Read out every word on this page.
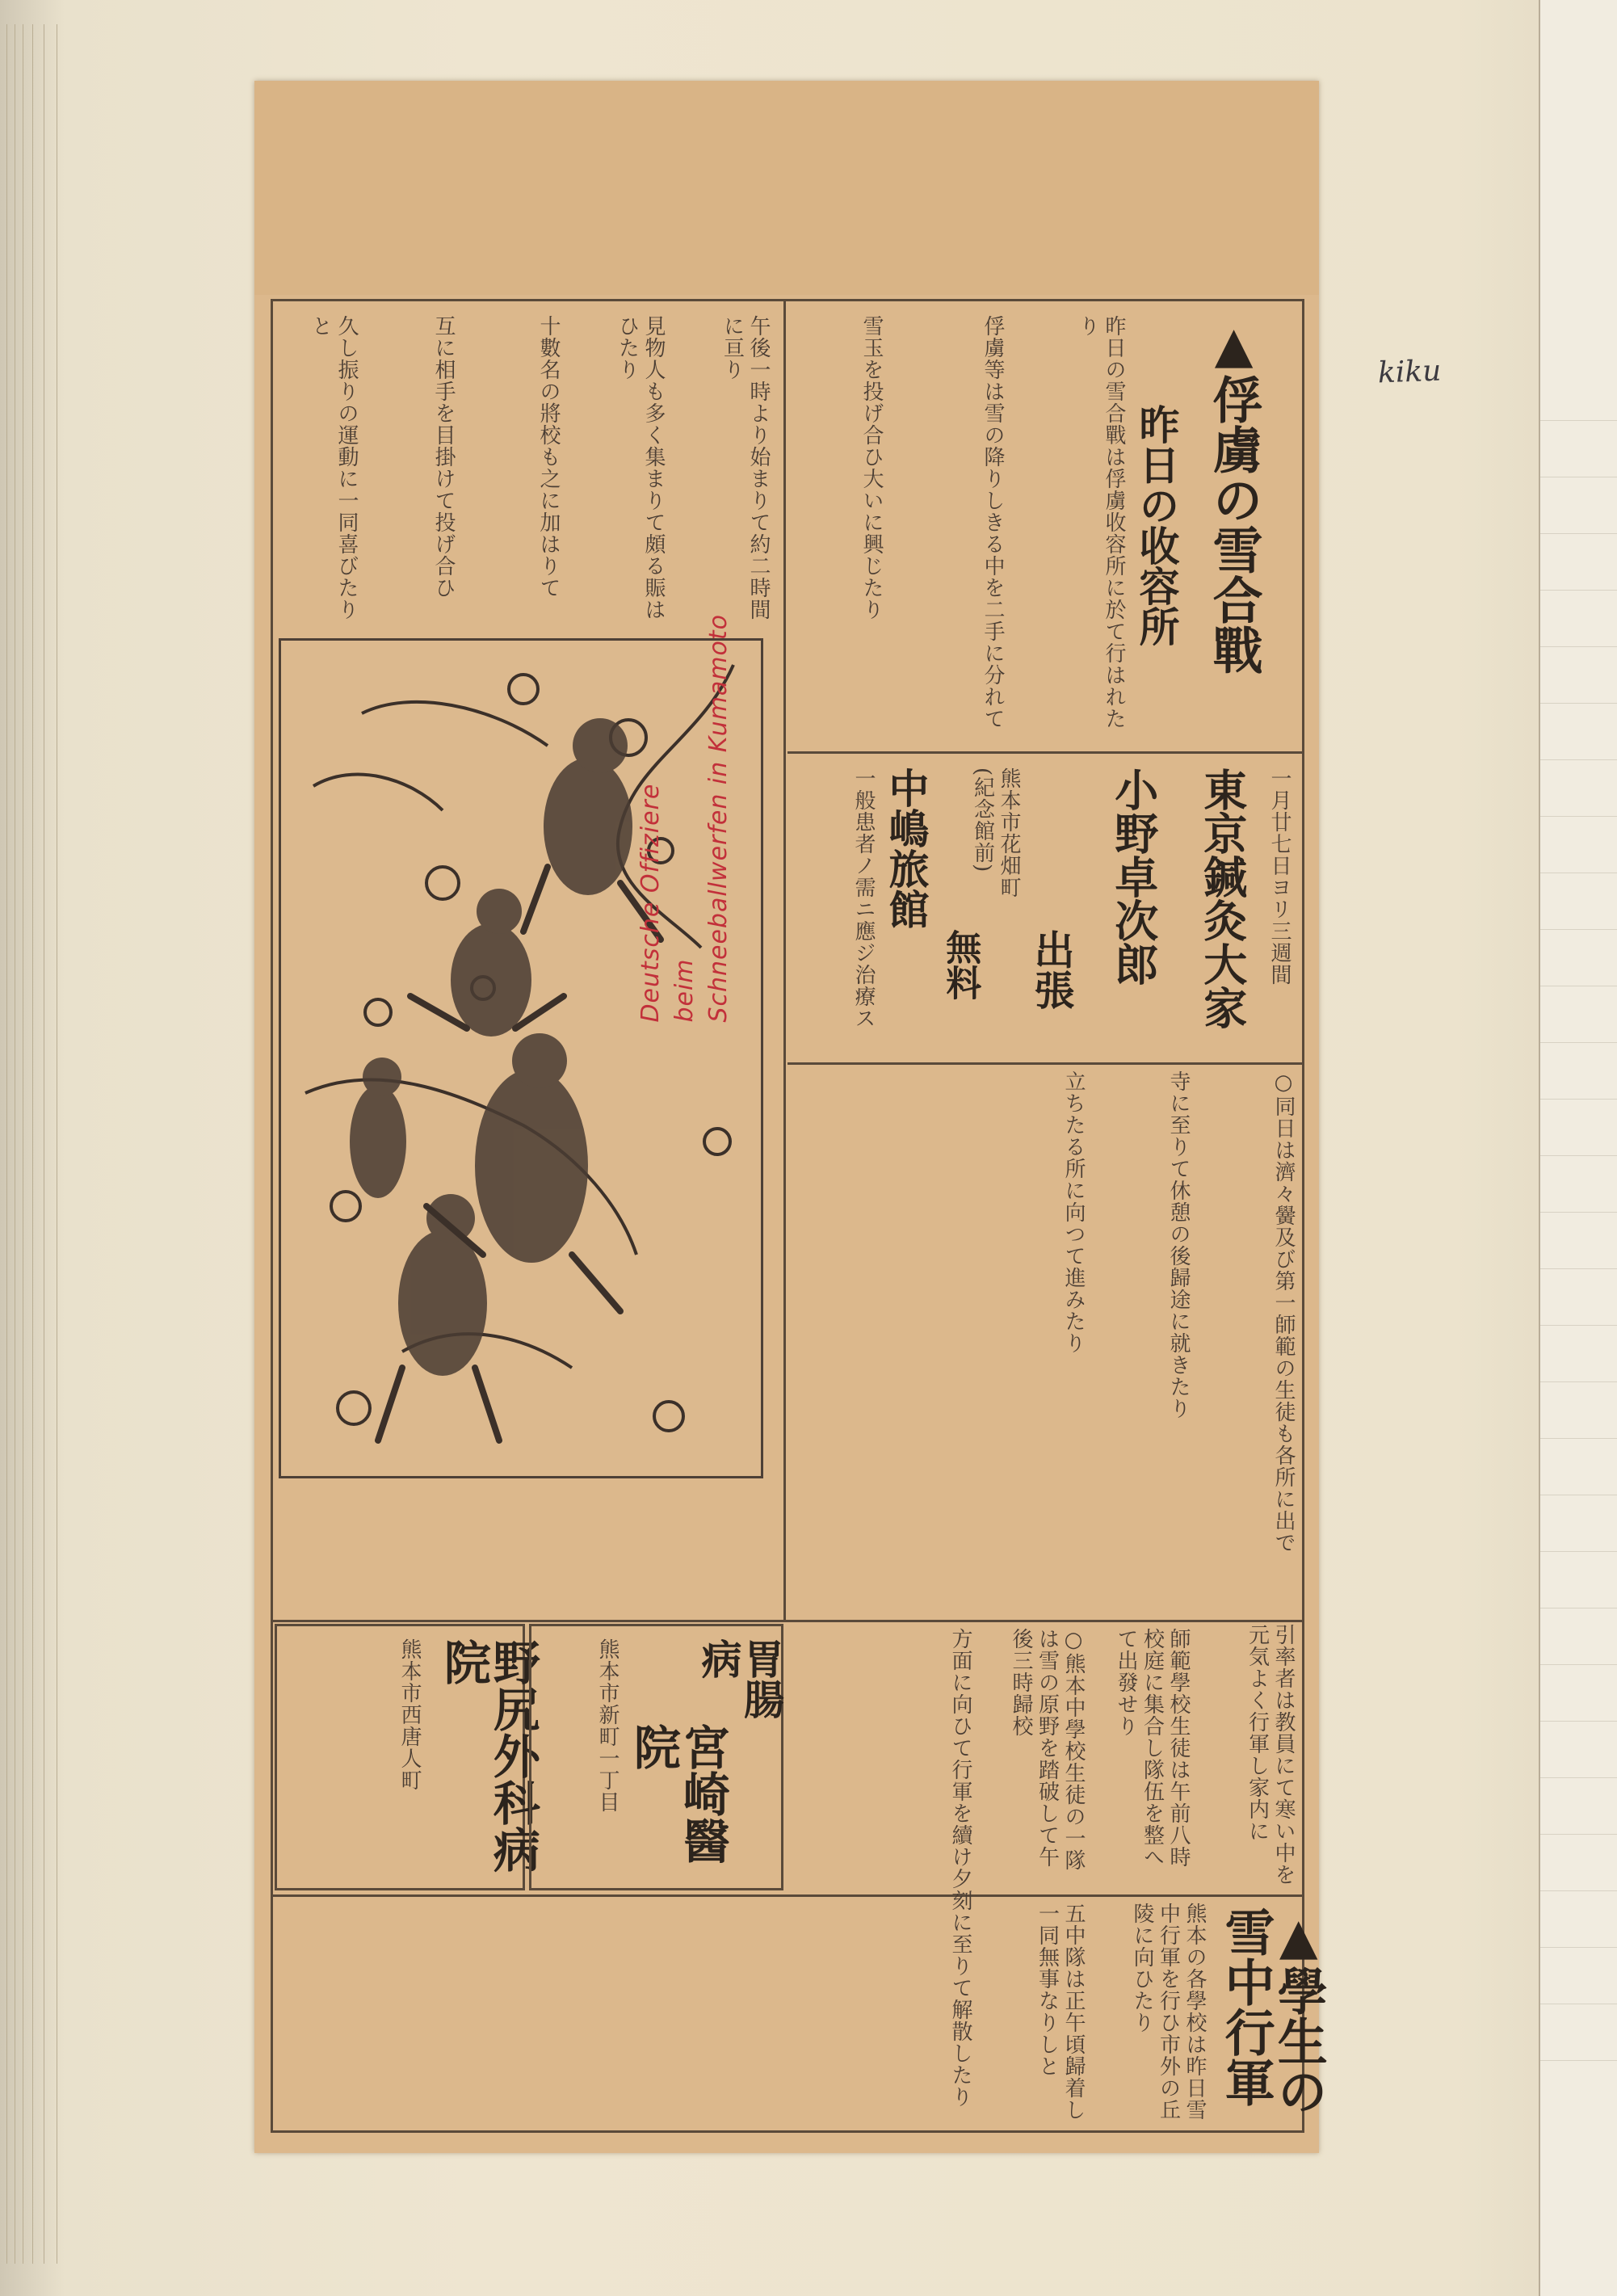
kiku
▲學生の雪中行軍
引率者は教員にて寒い中を元気よく行軍し家内に
熊本の各學校は昨日雪中行軍を行ひ市外の丘陵に向ひたり
師範學校生徒は午前八時校庭に集合し隊伍を整へて出發せり
五中隊は正午頃歸着し一同無事なりしと
○熊本中學校生徒の一隊は雪の原野を踏破して午後三時歸校
方面に向ひて行軍を續け夕刻に至りて解散したり
○同日は濟々黌及び第一師範の生徒も各所に出で
寺に至りて休憩の後歸途に就きたり
立ちたる所に向つて進みたり
東京鍼灸大家
小野卓次郎
出張	一月廿七日ヨリ三週間
熊本市花畑町(紀念館前)
中嶋旅館
一般患者ノ需ニ應ジ治療ス 無料
▲俘虜の雪合戰
昨日の收容所
昨日の雪合戰は俘虜收容所に於て行はれたり
俘虜等は雪の降りしきる中を二手に分れて
雪玉を投げ合ひ大いに興じたり
午後一時より始まりて約二時間に亘り
見物人も多く集まりて頗る賑はひたり
十數名の將校も之に加はりて
互に相手を目掛けて投げ合ひ
久し振りの運動に一同喜びたりと
Deutsche Offiziere beim Schneeballwerfen in Kumamoto
野尻外科病院
熊本市西唐人町	胃腸病
宮崎醫院
熊本市新町一丁目
